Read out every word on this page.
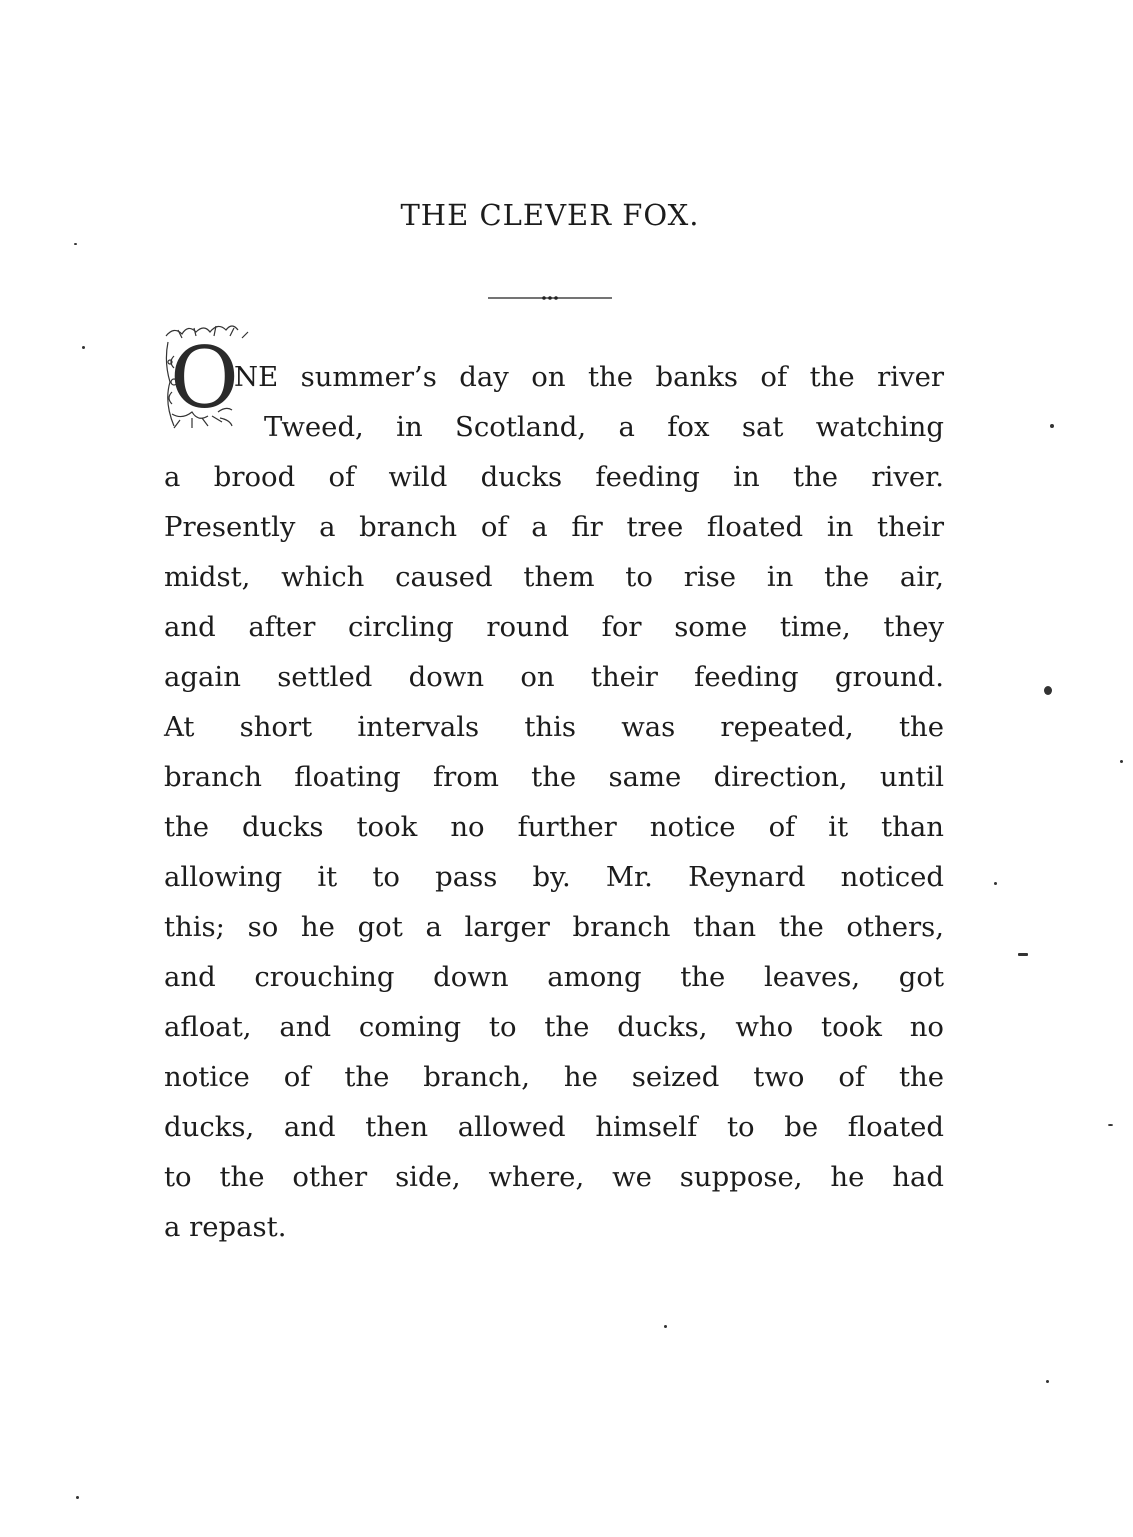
THE CLEVER FOX.
O
NE summer’s day on the banks of the river
Tweed, in Scotland, a fox sat watching
a brood of wild ducks feeding in the river.
Presently a branch of a fir tree floated in their
midst, which caused them to rise in the air,
and after circling round for some time, they
again settled down on their feeding ground.
At short intervals this was repeated, the
branch floating from the same direction, until
the ducks took no further notice of it than
allowing it to pass by. Mr. Reynard noticed
this; so he got a larger branch than the others,
and crouching down among the leaves, got
afloat, and coming to the ducks, who took no
notice of the branch, he seized two of the
ducks, and then allowed himself to be floated
to the other side, where, we suppose, he had
a repast.
